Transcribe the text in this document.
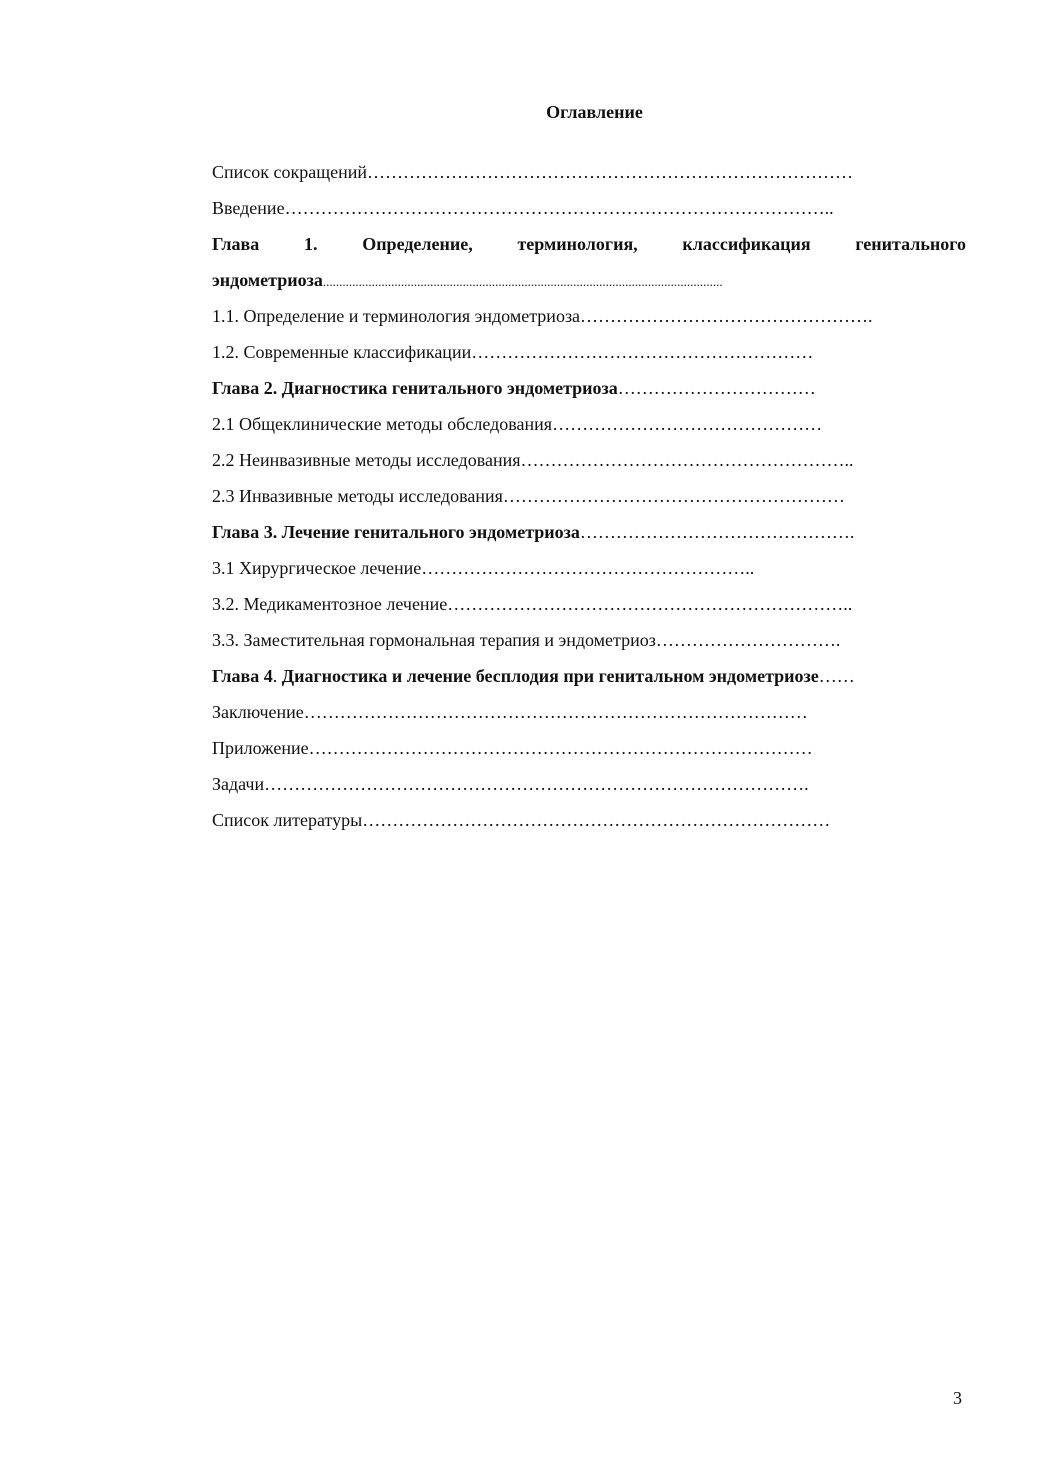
Оглавление
Список сокращений………………………………………………………………………
Введение………………………………………………………………………………..
Глава 1. Определение, терминология, классификация генитального
эндометриоза...........................................................................................................................
1.1. Определение и терминология эндометриоза………………………………………….
1.2. Современные классификации…………………………………………………
Глава 2. Диагностика генитального эндометриоза……………………………
2.1 Общеклинические методы обследования………………………………………
2.2 Неинвазивные методы исследования………………………………………………..
2.3 Инвазивные методы исследования…………………………………………………
Глава 3. Лечение генитального эндометриоза……………………………………….
3.1 Хирургическое лечение………………………………………………..
3.2. Медикаментозное лечение…………………………………………………………..
3.3. Заместительная гормональная терапия и эндометриоз………………………….
Глава 4. Диагностика и лечение бесплодия при генитальном эндометриозе……
Заключение…………………………………………………………………………
Приложение…………………………………………………………………………
Задачи……………………………………………………………………………….
Список литературы……………………………………………………………………
3
